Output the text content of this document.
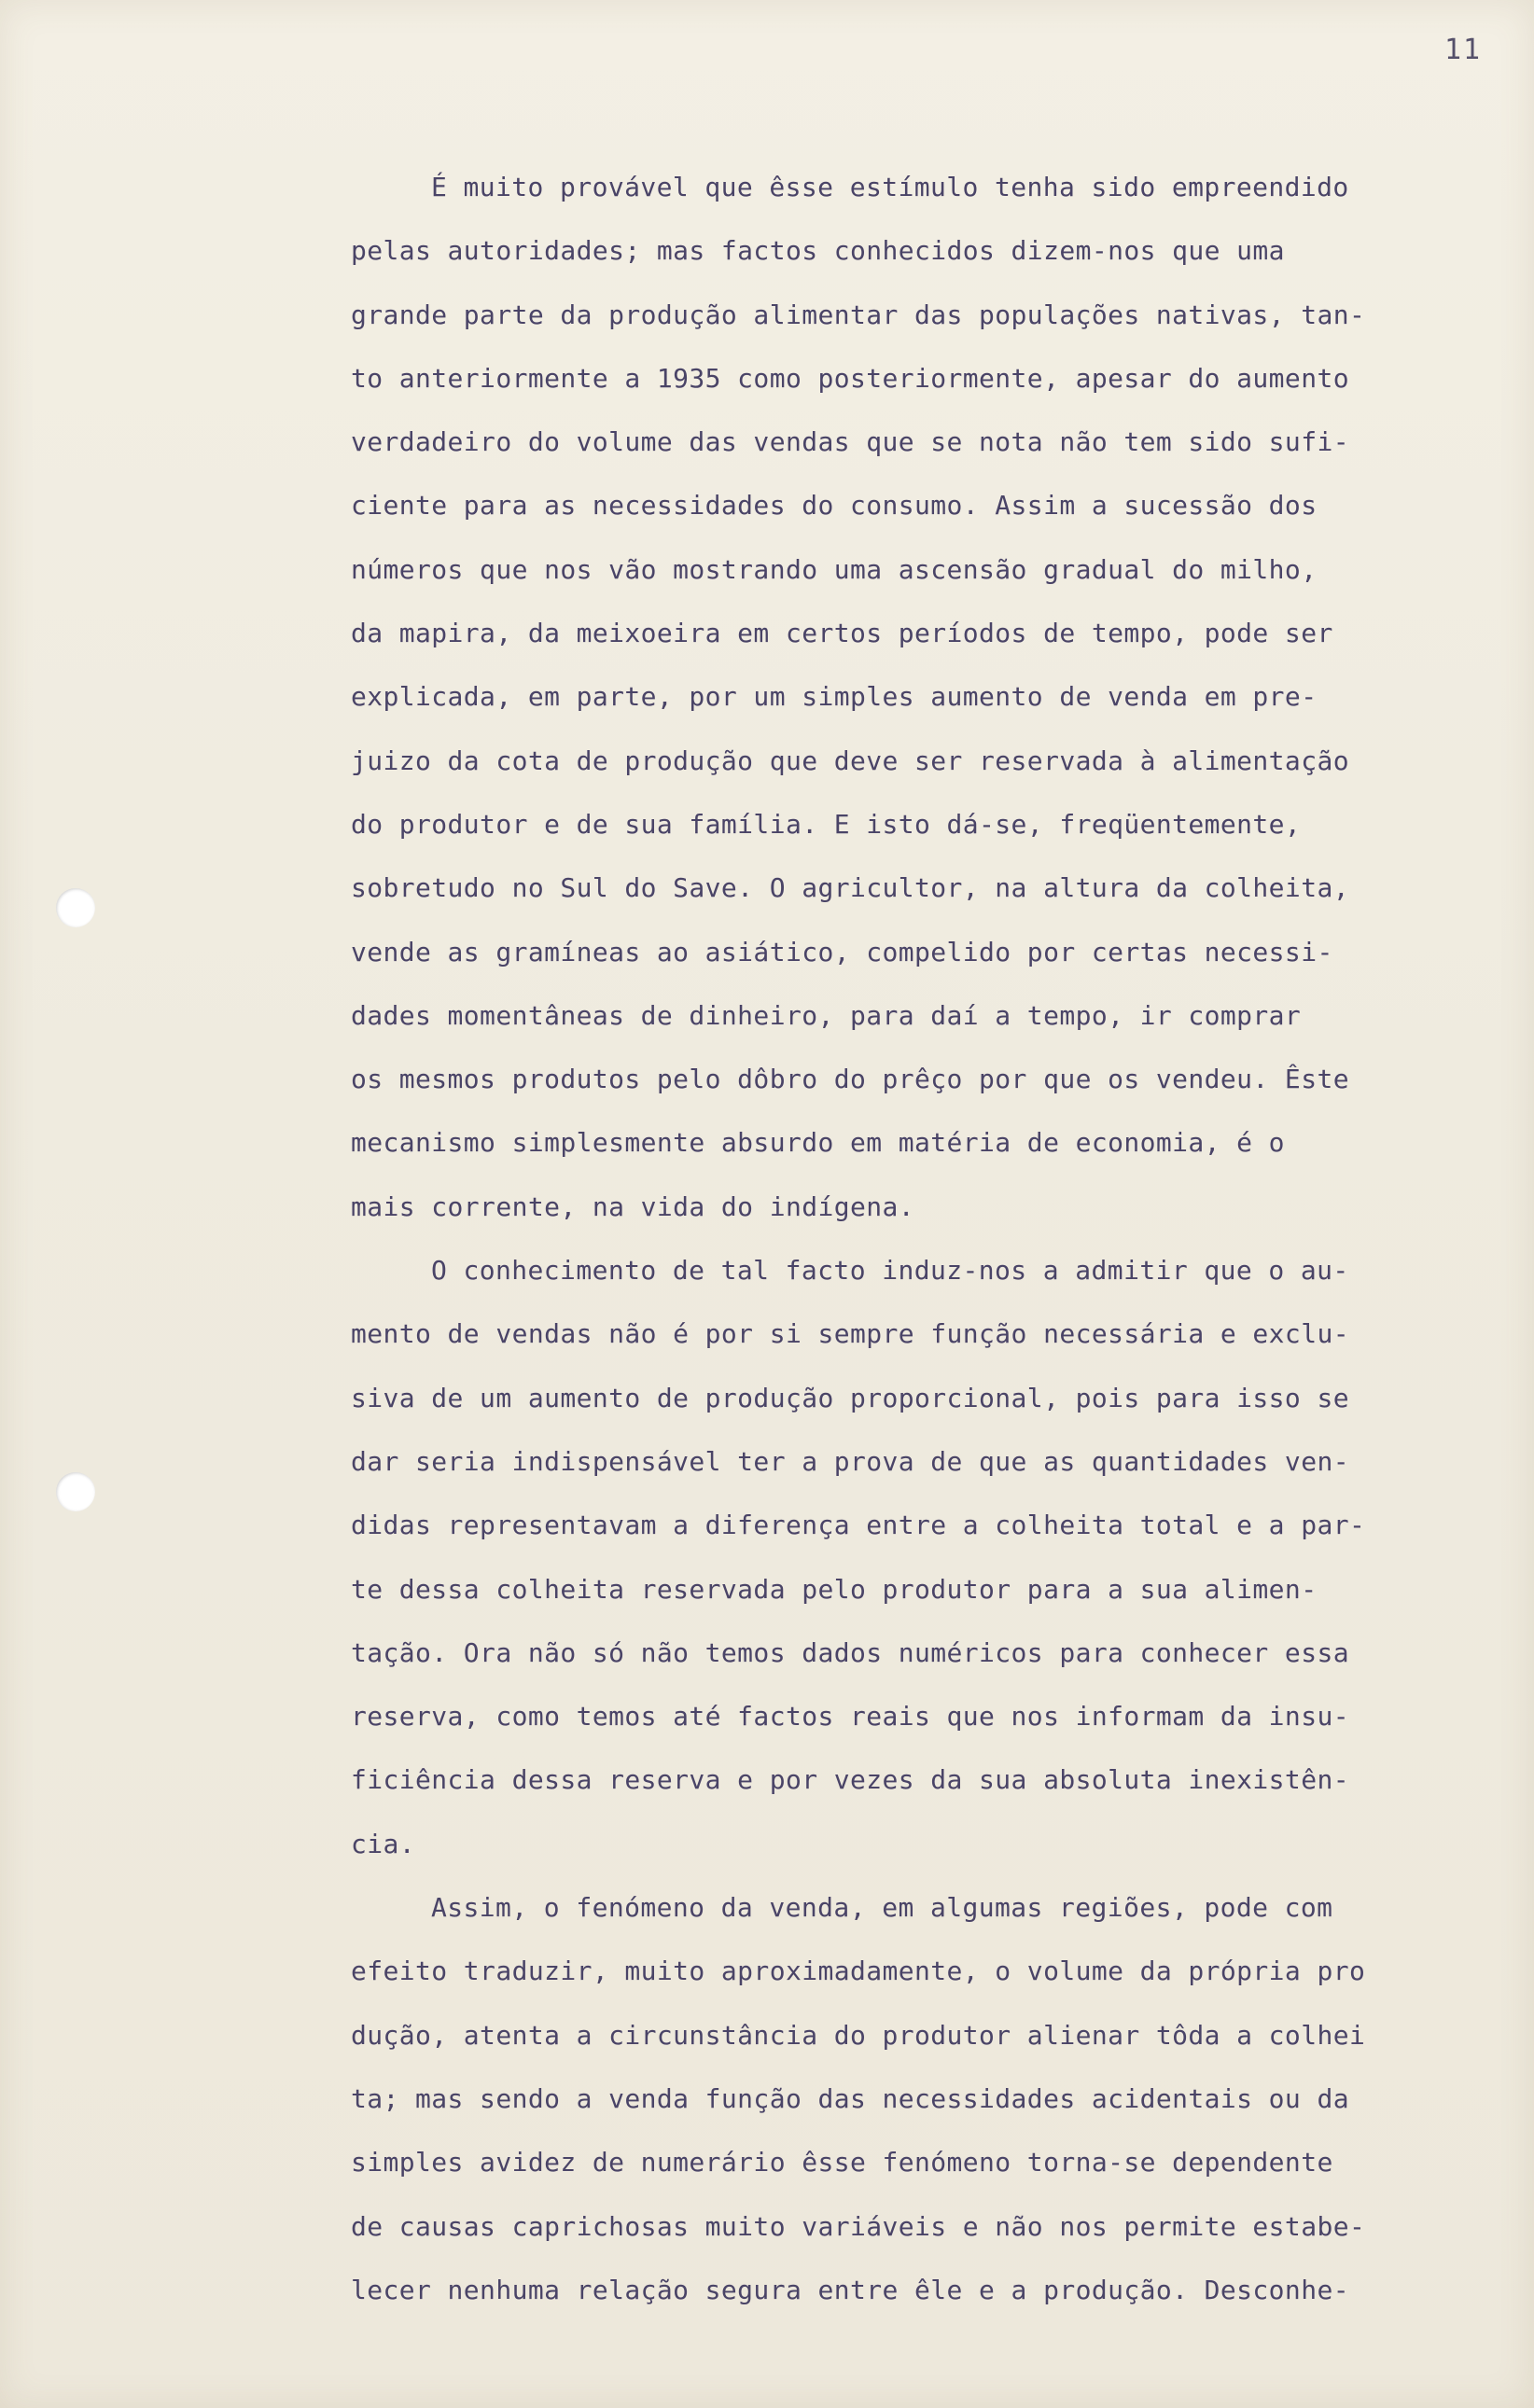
11
É muito provável que êsse estímulo tenha sido empreendido
pelas autoridades; mas factos conhecidos dizem-nos que uma
grande parte da produção alimentar das populações nativas, tan-
to anteriormente a 1935 como posteriormente, apesar do aumento
verdadeiro do volume das vendas que se nota não tem sido sufi-
ciente para as necessidades do consumo. Assim a sucessão dos
números que nos vão mostrando uma ascensão gradual do milho,
da mapira, da meixoeira em certos períodos de tempo, pode ser
explicada, em parte, por um simples aumento de venda em pre-
juizo da cota de produção que deve ser reservada à alimentação
do produtor e de sua família. E isto dá-se, freqüentemente,
sobretudo no Sul do Save. O agricultor, na altura da colheita,
vende as gramíneas ao asiático, compelido por certas necessi-
dades momentâneas de dinheiro, para daí a tempo, ir comprar
os mesmos produtos pelo dôbro do prêço por que os vendeu. Êste
mecanismo simplesmente absurdo em matéria de economia, é o
mais corrente, na vida do indígena.
O conhecimento de tal facto induz-nos a admitir que o au-
mento de vendas não é por si sempre função necessária e exclu-
siva de um aumento de produção proporcional, pois para isso se
dar seria indispensável ter a prova de que as quantidades ven-
didas representavam a diferença entre a colheita total e a par-
te dessa colheita reservada pelo produtor para a sua alimen-
tação. Ora não só não temos dados numéricos para conhecer essa
reserva, como temos até factos reais que nos informam da insu-
ficiência dessa reserva e por vezes da sua absoluta inexistên-
cia.
Assim, o fenómeno da venda, em algumas regiões, pode com
efeito traduzir, muito aproximadamente, o volume da própria pro
dução, atenta a circunstância do produtor alienar tôda a colhei
ta; mas sendo a venda função das necessidades acidentais ou da
simples avidez de numerário êsse fenómeno torna-se dependente
de causas caprichosas muito variáveis e não nos permite estabe-
lecer nenhuma relação segura entre êle e a produção. Desconhe-
